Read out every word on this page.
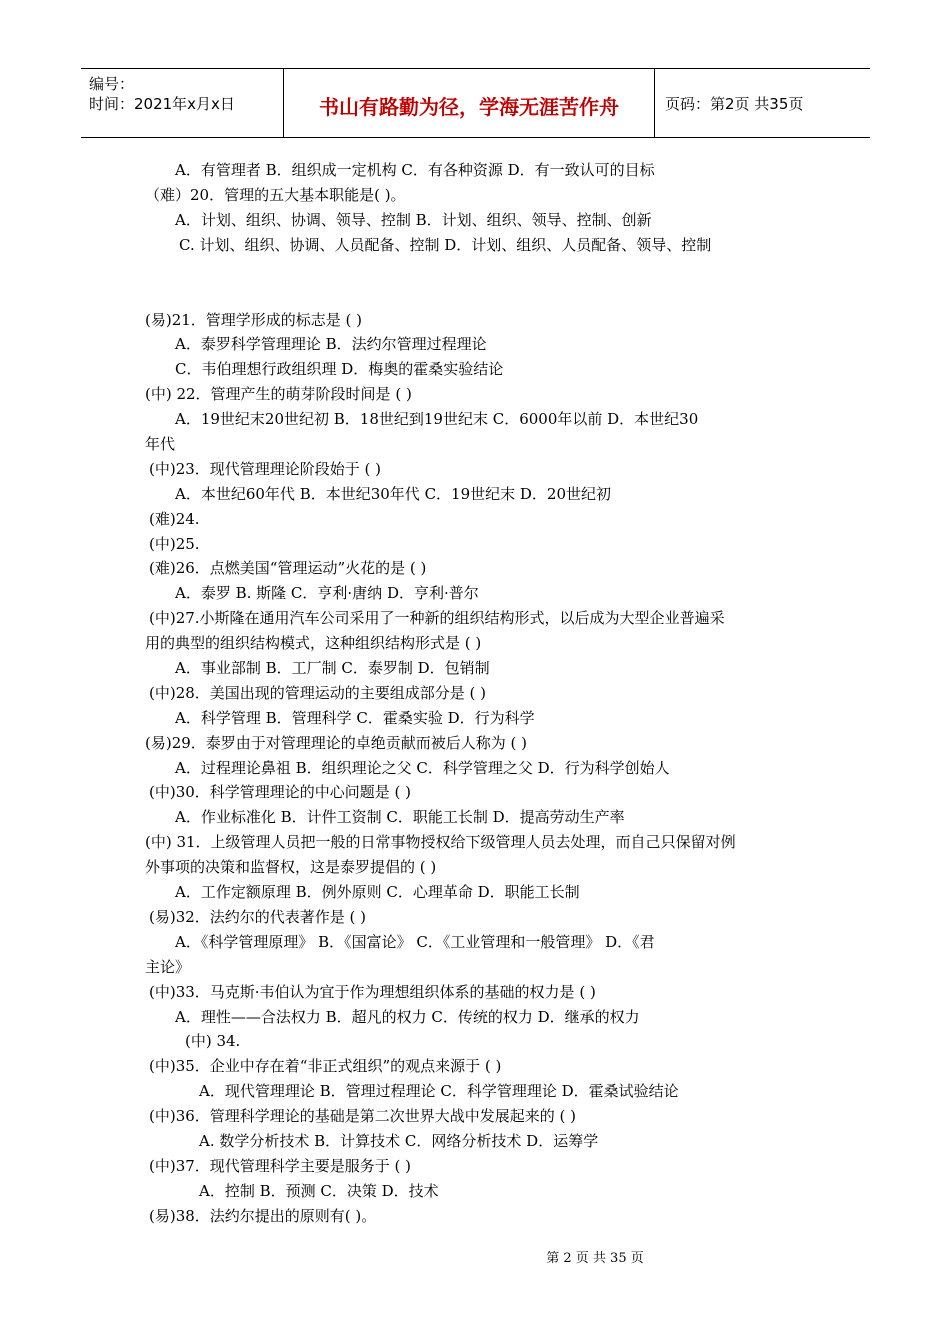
编号：
时间：2021年x月x日	书山有路勤为径，学海无涯苦作舟	页码：第2页 共35页
A．有管理者 B．组织成一定机构 C．有各种资源 D．有一致认可的目标
（难）20．管理的五大基本职能是( )。
A．计划、组织、协调、领导、控制 B．计划、组织、领导、控制、创新
C. 计划、组织、协调、人员配备、控制 D．计划、组织、人员配备、领导、控制
(易)21．管理学形成的标志是 ( )
A．泰罗科学管理理论 B．法约尔管理过程理论
C．韦伯理想行政组织理 D．梅奥的霍桑实验结论
(中) 22．管理产生的萌芽阶段时间是 ( )
A．19世纪末20世纪初 B．18世纪到19世纪末 C．6000年以前 D．本世纪30
年代
(中)23．现代管理理论阶段始于 ( )
A．本世纪60年代 B．本世纪30年代 C．19世纪末 D．20世纪初
(难)24.
(中)25.
(难)26．点燃美国“管理运动”火花的是 ( )
A．泰罗 B. 斯隆 C．亨利·唐纳 D．亨利·普尔
(中)27.小斯隆在通用汽车公司采用了一种新的组织结构形式，以后成为大型企业普遍采
用的典型的组织结构模式，这种组织结构形式是 ( )
A．事业部制 B．工厂制 C．泰罗制 D．包销制
(中)28．美国出现的管理运动的主要组成部分是 ( )
A．科学管理 B．管理科学 C．霍桑实验 D．行为科学
(易)29．泰罗由于对管理理论的卓绝贡献而被后人称为 ( )
A．过程理论鼻祖 B．组织理论之父 C．科学管理之父 D．行为科学创始人
(中)30．科学管理理论的中心问题是 ( )
A．作业标准化 B．计件工资制 C．职能工长制 D．提高劳动生产率
(中) 31．上级管理人员把一般的日常事物授权给下级管理人员去处理，而自己只保留对例
外事项的决策和监督权，这是泰罗提倡的 ( )
A．工作定额原理 B．例外原则 C．心理革命 D．职能工长制
(易)32．法约尔的代表著作是 ( )
A．《科学管理原理》 B．《国富论》 C．《工业管理和一般管理》 D．《君
主论》
(中)33．马克斯·韦伯认为宜于作为理想组织体系的基础的权力是 ( )
A．理性——合法权力 B．超凡的权力 C．传统的权力 D．继承的权力
(中) 34.
(中)35．企业中存在着“非正式组织”的观点来源于 ( )
A．现代管理理论 B．管理过程理论 C．科学管理理论 D．霍桑试验结论
(中)36．管理科学理论的基础是第二次世界大战中发展起来的 ( )
A. 数学分析技术 B．计算技术 C．网络分析技术 D．运筹学
(中)37．现代管理科学主要是服务于 ( )
A．控制 B．预测 C．决策 D．技术
(易)38．法约尔提出的原则有( )。
第 2 页 共 35 页
